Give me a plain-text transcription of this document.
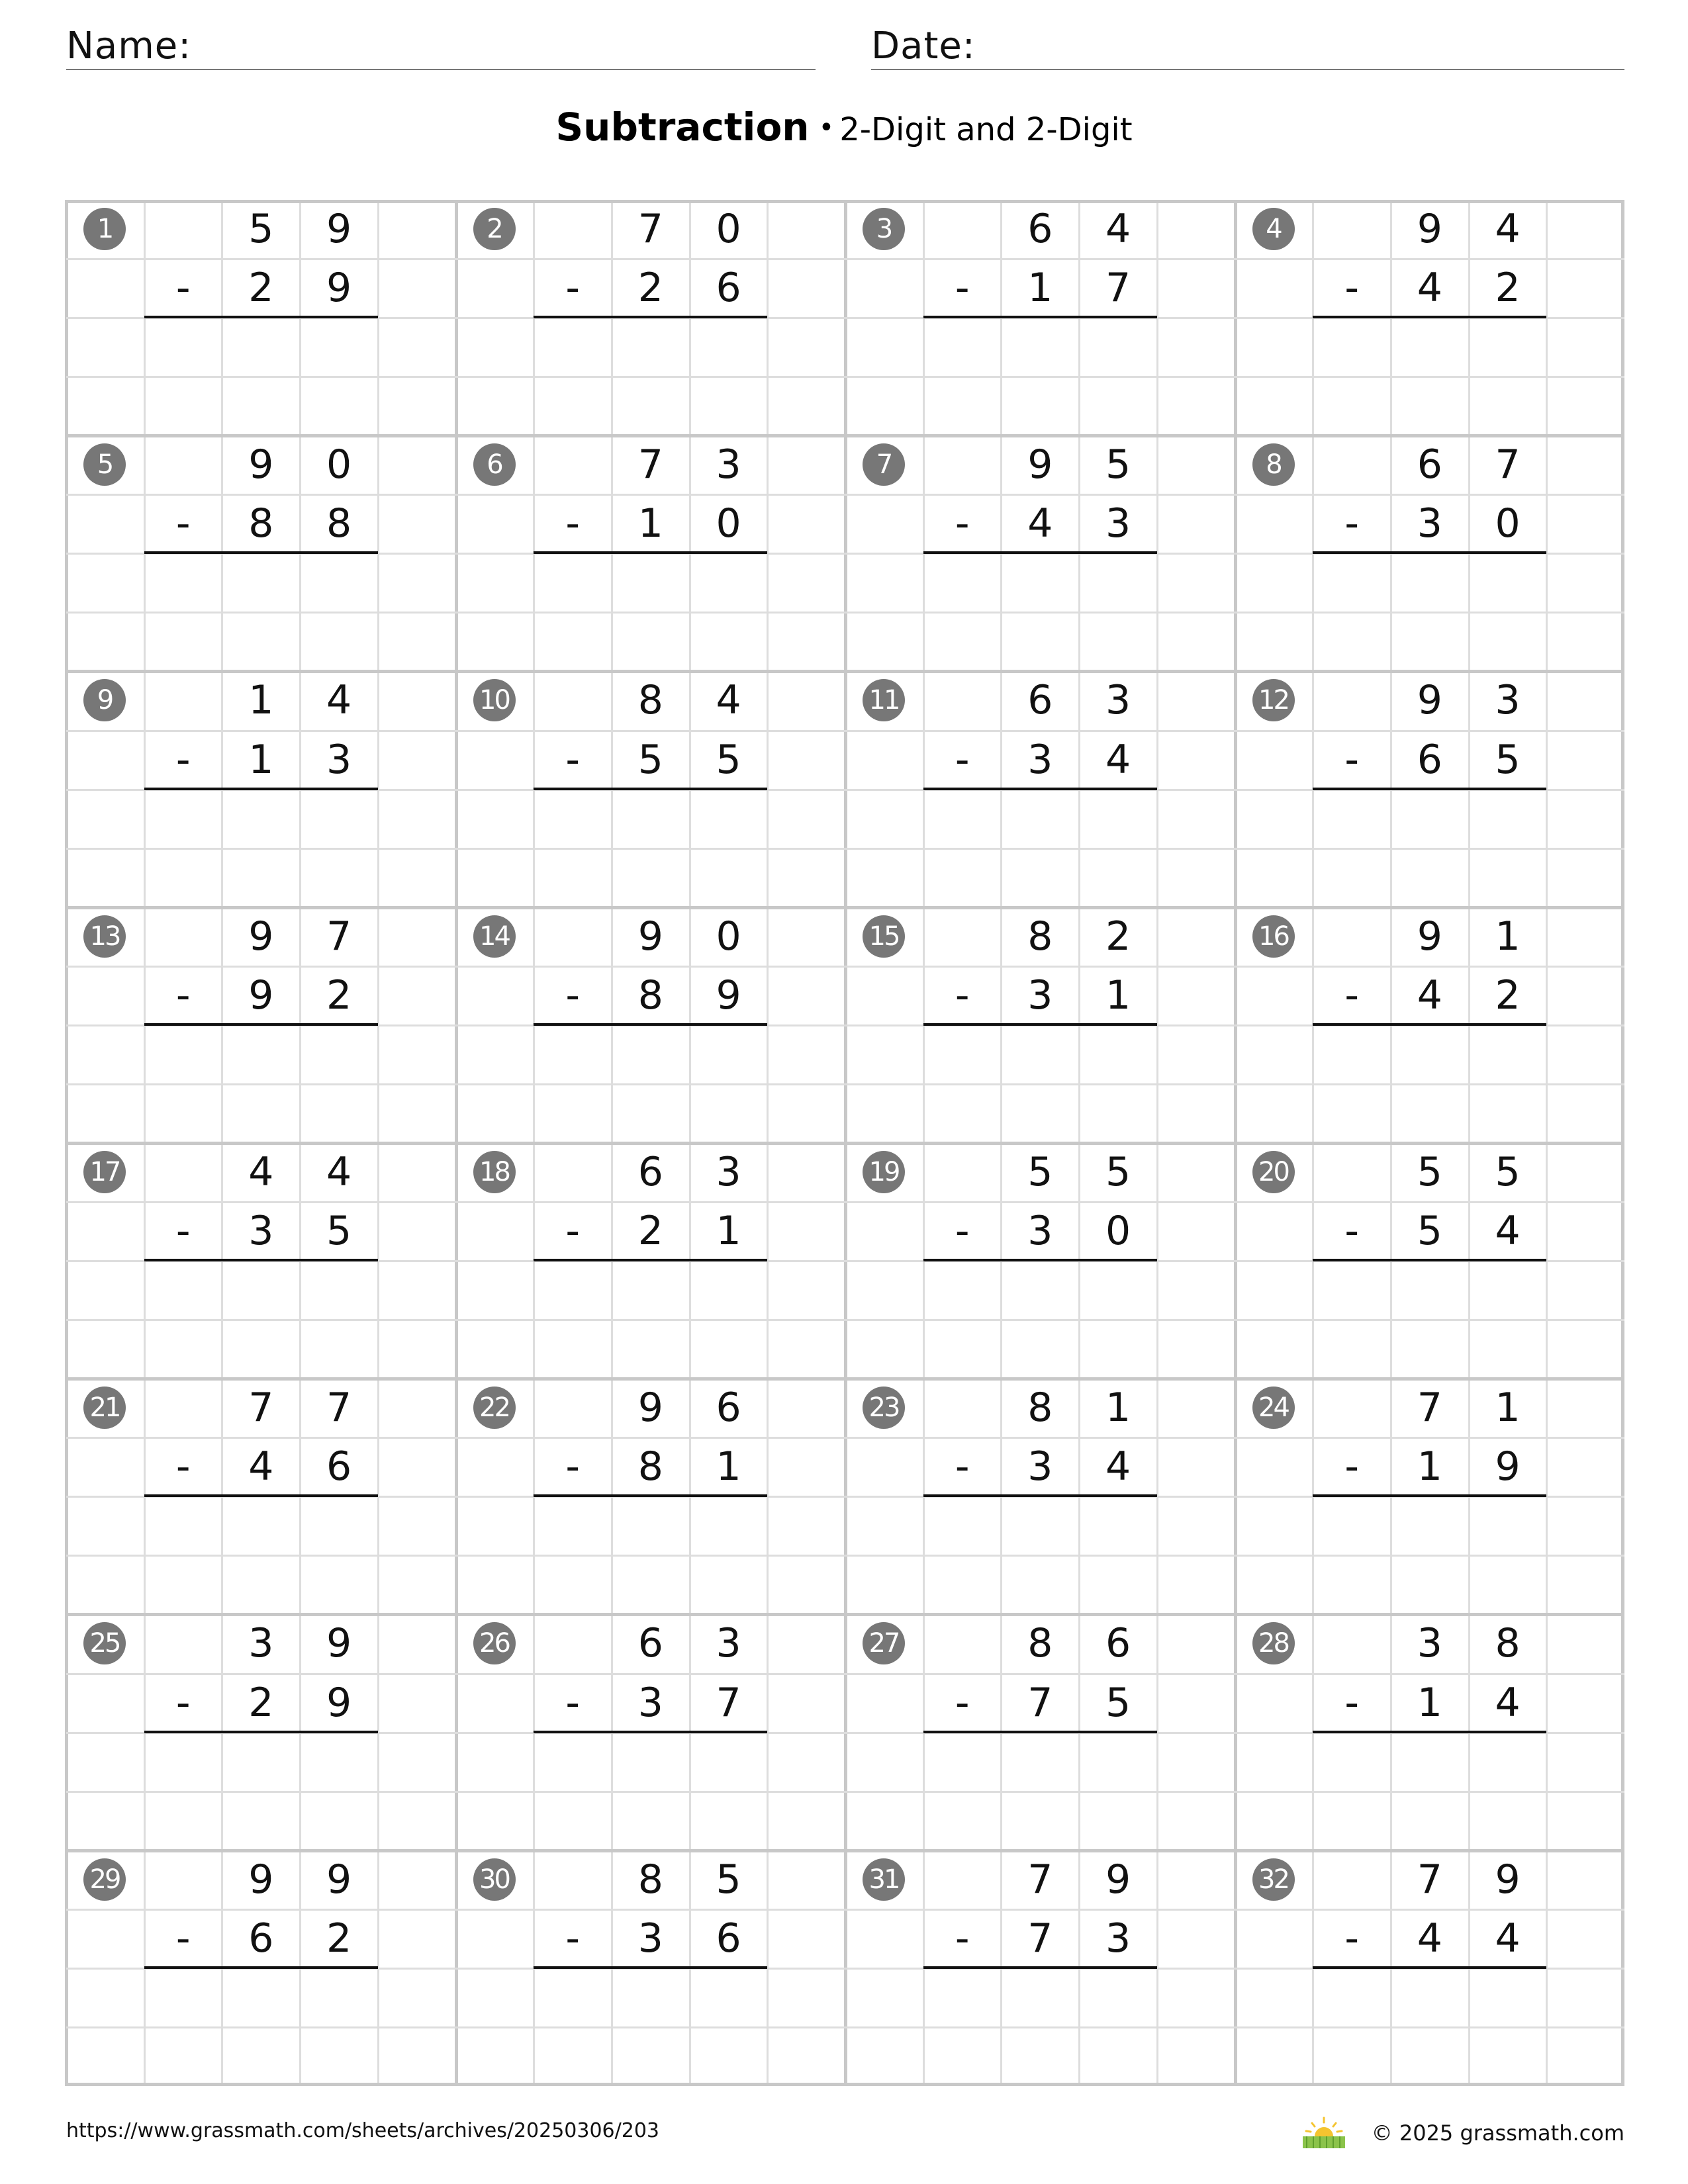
Name:	Date:
Subtraction • 2-Digit and 2-Digit
1	5	9
-	2	9
2	7	0
-	2	6
3	6	4
-	1	7
4	9	4
-	4	2
5	9	0
-	8	8
6	7	3
-	1	0
7	9	5
-	4	3
8	6	7
-	3	0
9	1	4
-	1	3
10	8	4
-	5	5
11	6	3
-	3	4
12	9	3
-	6	5
13	9	7
-	9	2
14	9	0
-	8	9
15	8	2
-	3	1
16	9	1
-	4	2
17	4	4
-	3	5
18	6	3
-	2	1
19	5	5
-	3	0
20	5	5
-	5	4
21	7	7
-	4	6
22	9	6
-	8	1
23	8	1
-	3	4
24	7	1
-	1	9
25	3	9
-	2	9
26	6	3
-	3	7
27	8	6
-	7	5
28	3	8
-	1	4
29	9	9
-	6	2
30	8	5
-	3	6
31	7	9
-	7	3
32	7	9
-	4	4
https://www.grassmath.com/sheets/archives/20250306/203	© 2025 grassmath.com
